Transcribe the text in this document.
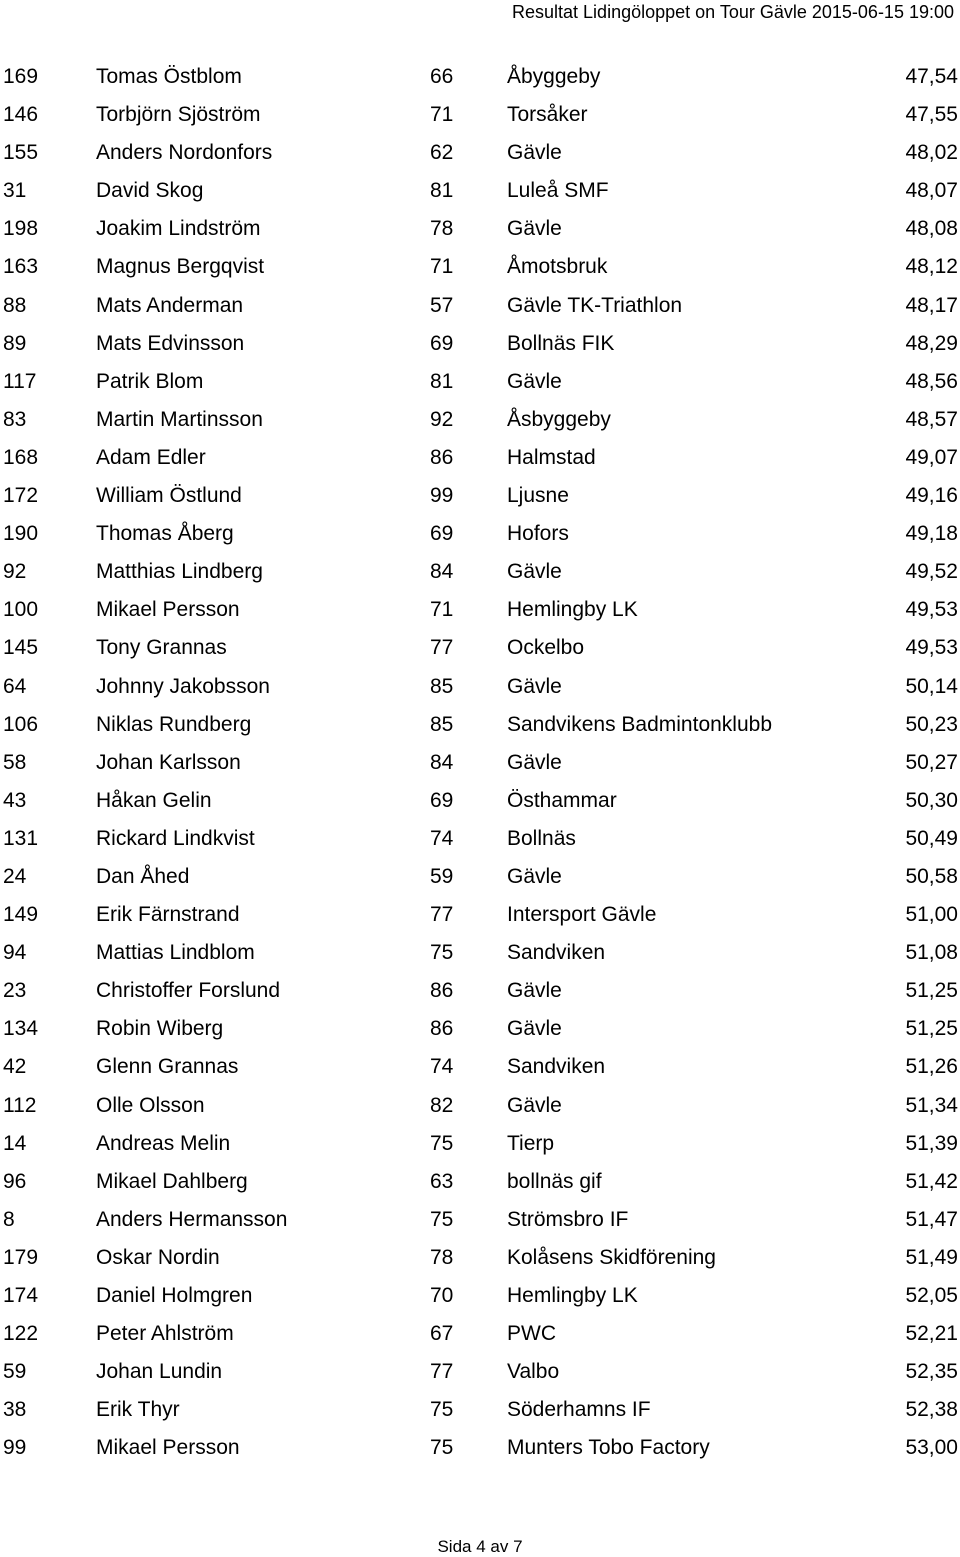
Resultat Lidingöloppet on Tour Gävle 2015-06-15 19:00
169	Tomas Östblom	66	Åbyggeby	47,54
146	Torbjörn Sjöström	71	Torsåker	47,55
155	Anders Nordonfors	62	Gävle	48,02
31	David Skog	81	Luleå SMF	48,07
198	Joakim Lindström	78	Gävle	48,08
163	Magnus Bergqvist	71	Åmotsbruk	48,12
88	Mats Anderman	57	Gävle TK-Triathlon	48,17
89	Mats Edvinsson	69	Bollnäs FIK	48,29
117	Patrik Blom	81	Gävle	48,56
83	Martin Martinsson	92	Åsbyggeby	48,57
168	Adam Edler	86	Halmstad	49,07
172	William Östlund	99	Ljusne	49,16
190	Thomas Åberg	69	Hofors	49,18
92	Matthias Lindberg	84	Gävle	49,52
100	Mikael Persson	71	Hemlingby LK	49,53
145	Tony Grannas	77	Ockelbo	49,53
64	Johnny Jakobsson	85	Gävle	50,14
106	Niklas Rundberg	85	Sandvikens Badmintonklubb	50,23
58	Johan Karlsson	84	Gävle	50,27
43	Håkan Gelin	69	Östhammar	50,30
131	Rickard Lindkvist	74	Bollnäs	50,49
24	Dan Åhed	59	Gävle	50,58
149	Erik Färnstrand	77	Intersport Gävle	51,00
94	Mattias Lindblom	75	Sandviken	51,08
23	Christoffer Forslund	86	Gävle	51,25
134	Robin Wiberg	86	Gävle	51,25
42	Glenn Grannas	74	Sandviken	51,26
112	Olle Olsson	82	Gävle	51,34
14	Andreas Melin	75	Tierp	51,39
96	Mikael Dahlberg	63	bollnäs gif	51,42
8	Anders Hermansson	75	Strömsbro IF	51,47
179	Oskar Nordin	78	Kolåsens Skidförening	51,49
174	Daniel Holmgren	70	Hemlingby LK	52,05
122	Peter Ahlström	67	PWC	52,21
59	Johan Lundin	77	Valbo	52,35
38	Erik Thyr	75	Söderhamns IF	52,38
99	Mikael Persson	75	Munters Tobo Factory	53,00
Sida 4 av 7
